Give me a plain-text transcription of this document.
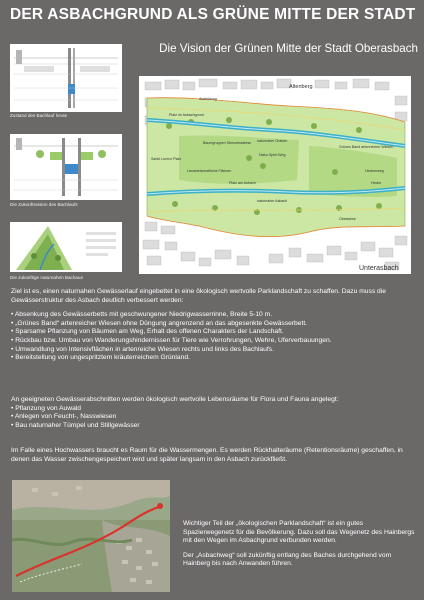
DER ASBACHGRUND ALS GRÜNE MITTE DER STADT
Die Vision der Grünen Mitte der Stadt Oberasbach
Zustand des Bachlauf heute
Die Zukunftsvision des Bachlaufs
Die zukünftige naturnahen Bachaue
Altenberg
Unterasbach
Ausbildung
Baumgruppen Streuobstwiese naturnaher Graben
Grünes Band artenreicher Wiesen
Sankt Lorenz Platz
Natur-Spiel-Weg
Landwirtschaftliche Flächen
Platz am Asbach
naturnaher Asbach
Platz im Asbachgrund
Heckenweg
Hecke
Obstwiese

Ziel ist es, einen naturnahen Gewässerlauf eingebettet in eine ökologisch wertvolle Parklandschaft zu schaffen. Dazu muss die Gewässerstruktur des Asbach deutlich verbessert werden:

• Absenkung des Gewässerbetts mit geschwungener Niedrigwasserrinne, Breite 5-10 m.
• „Grünes Band“ artenreicher Wiesen ohne Düngung angrenzend an das abgesenkte Gewässerbett.
• Sparsame Pflanzung von Bäumen am Weg, Erhalt des offenen Charakters der Landschaft.
• Rückbau bzw. Umbau von Wanderungshindernissen für Tiere wie Verrohrungen, Wehre, Uferverbauungen.
• Umwandlung von Intensivflächen in artenreiche Wiesen rechts und links des Bachlaufs.
• Bereitstellung von ungespritztem kräuterreichem Grünland.

An geeigneten Gewässerabschnitten werden ökologisch wertvolle Lebensräume für Flora und Fauna angelegt:

• Pflanzung von Auwald
• Anlegen von Feucht-, Nasswiesen
• Bau naturnaher Tümpel und Stillgewässer

Im Falle eines Hochwassers braucht es Raum für die Wassermengen. Es werden Rückhalteräume (Retentionsräume) geschaffen, in denen das Wasser zwischengespeichert wird und später langsam in den Asbach zurückfließt.

Wichtiger Teil der „ökologischen Parklandschaft“ ist ein gutes Spazierwegenetz für die Bevölkerung. Dazu soll das Wegenetz des Hainbergs mit den Wegen im Asbachgrund verbunden werden.

Der „Asbachweg“ soll zukünftig entlang des Baches durchgehend vom Hainberg bis nach Anwanden führen.
